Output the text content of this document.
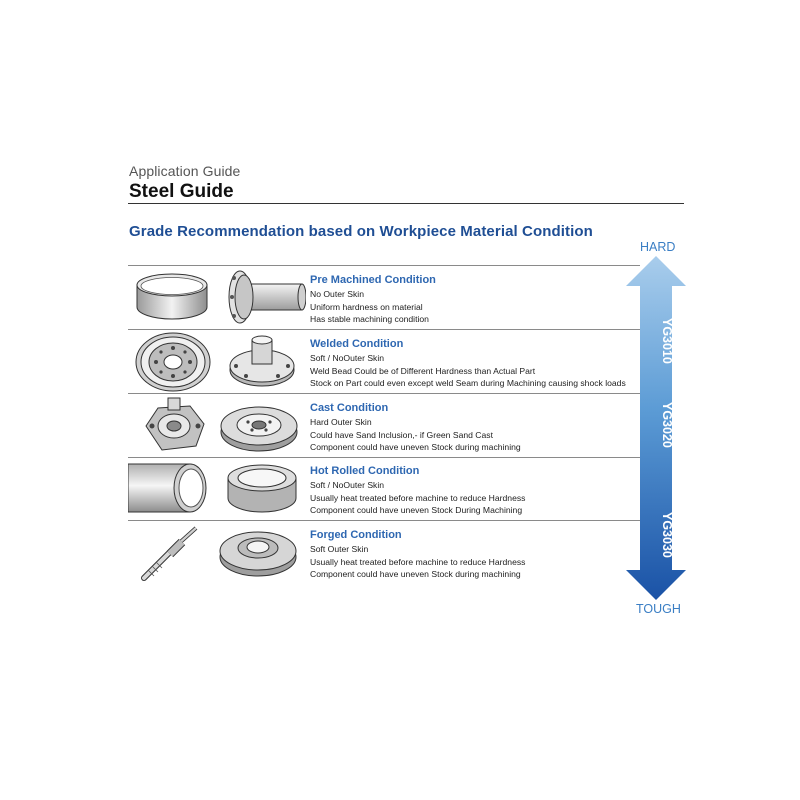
Application Guide
Steel Guide
Grade Recommendation based on Workpiece Material Condition
Pre Machined Condition
No Outer Skin
Uniform hardness on material
Has stable machining condition
Welded Condition
Soft / NoOuter Skin
Weld Bead Could be of Different Hardness than Actual Part
Stock on Part could even except weld Seam during Machining causing shock loads
Cast Condition
Hard Outer Skin
Could have Sand Inclusion,- if Green Sand Cast
Component could have uneven Stock during machining
Hot Rolled Condition
Soft / NoOuter Skin
Usually heat treated before machine to reduce Hardness
Component could have uneven Stock During Machining
Forged Condition
Soft Outer Skin
Usually heat treated before machine to reduce Hardness
Component could have uneven Stock during machining
HARD
YG3010
YG3020
YG3030
TOUGH
